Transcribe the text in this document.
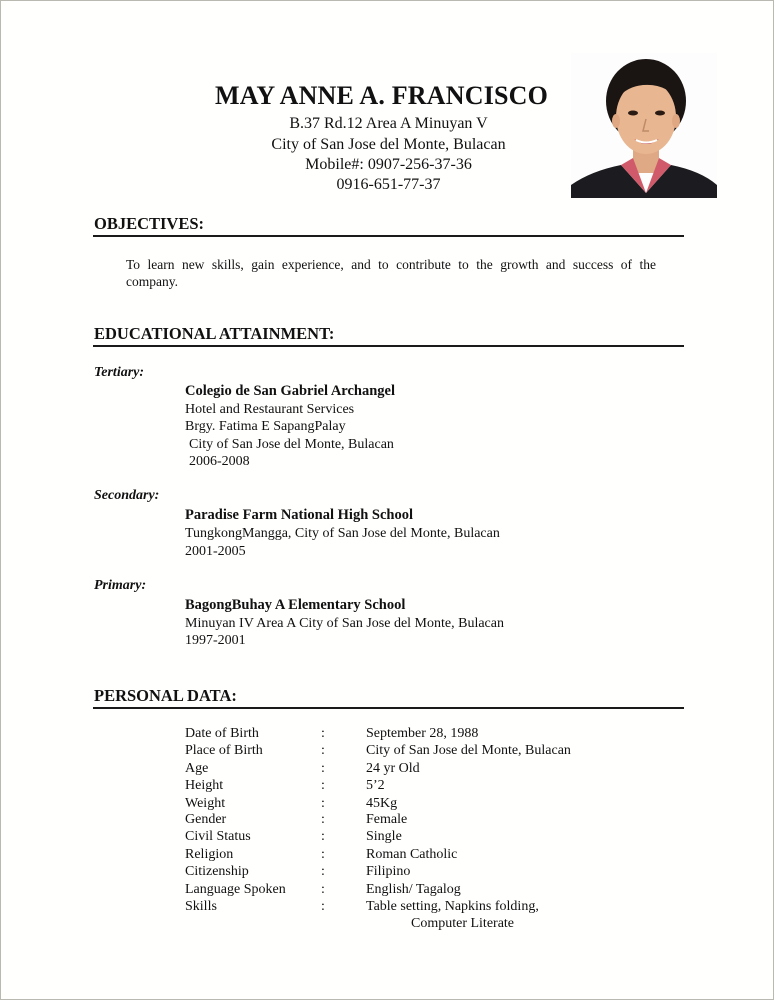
MAY ANNE A. FRANCISCO
B.37 Rd.12 Area A Minuyan V
City of San Jose del Monte, Bulacan
Mobile#: 0907-256-37-36
0916-651-77-37
OBJECTIVES:
To learn new skills, gain experience, and to contribute to the growth and success of the company.
EDUCATIONAL ATTAINMENT:
Tertiary:
Colegio de San Gabriel Archangel
Hotel and Restaurant Services
Brgy. Fatima E SapangPalay
City of San Jose del Monte, Bulacan
2006-2008
Secondary:
Paradise Farm National High School
TungkongMangga, City of San Jose del Monte, Bulacan
2001-2005
Primary:
BagongBuhay A Elementary School
Minuyan IV Area A City of San Jose del Monte, Bulacan
1997-2001
PERSONAL DATA:
Date of Birth	:	September 28, 1988
Place of Birth	:	City of San Jose del Monte, Bulacan
Age	:	24 yr Old
Height	:	5’2
Weight	:	45Kg
Gender	:	Female
Civil Status	:	Single
Religion	:	Roman Catholic
Citizenship	:	Filipino
Language Spoken	:	English/ Tagalog
Skills	:	Table setting, Napkins folding,
Computer Literate
